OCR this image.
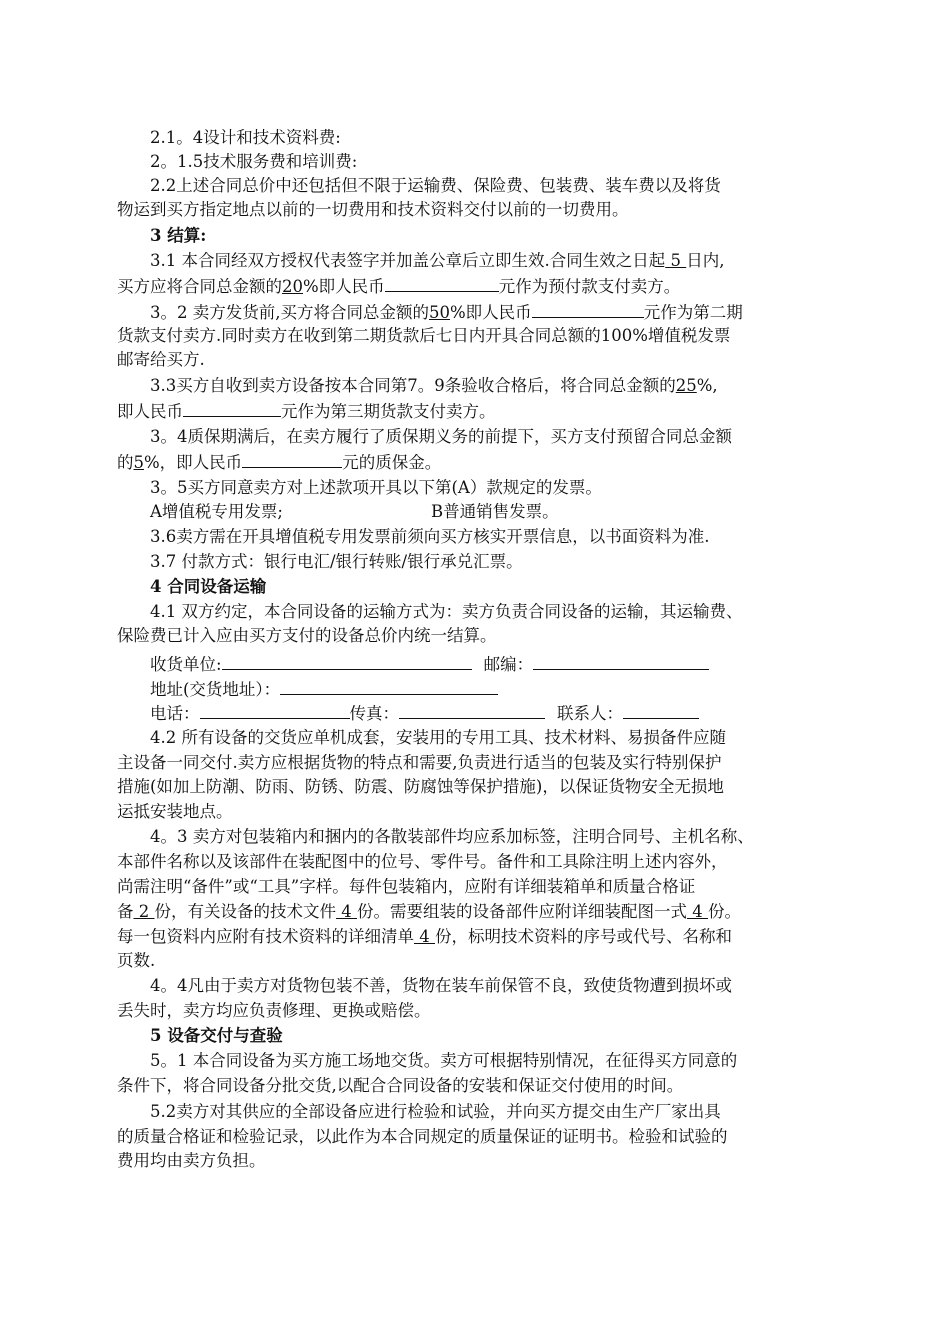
2.1。4设计和技术资料费:
2。1.5技术服务费和培训费:
2.2上述合同总价中还包括但不限于运输费、保险费、包装费、装车费以及将货
物运到买方指定地点以前的一切费用和技术资料交付以前的一切费用。
3 结算:
3.1 本合同经双方授权代表签字并加盖公章后立即生效.合同生效之日起 5 日内,
买方应将合同总金额的20%即人民币	元作为预付款支付卖方。
3。2 卖方发货前,买方将合同总金额的50%即人民币	元作为第二期
货款支付卖方.同时卖方在收到第二期货款后七日内开具合同总额的100%增值税发票
邮寄给买方.
3.3买方自收到卖方设备按本合同第7。9条验收合格后，将合同总金额的25%,
即人民币	元作为第三期货款支付卖方。
3。4质保期满后，在卖方履行了质保期义务的前提下，买方支付预留合同总金额
的5%，即人民币	元的质保金。
3。5买方同意卖方对上述款项开具以下第(A）款规定的发票。
A增值税专用发票;	B普通销售发票。
3.6卖方需在开具增值税专用发票前须向买方核实开票信息，以书面资料为准.
3.7 付款方式：银行电汇/银行转账/银行承兑汇票。
4 合同设备运输
4.1 双方约定，本合同设备的运输方式为：卖方负责合同设备的运输，其运输费、
保险费已计入应由买方支付的设备总价内统一结算。
收货单位:	邮编：
地址(交货地址）：
电话：	传真：	联系人：
4.2 所有设备的交货应单机成套，安装用的专用工具、技术材料、易损备件应随
主设备一同交付.卖方应根据货物的特点和需要,负责进行适当的包装及实行特别保护
措施(如加上防潮、防雨、防锈、防震、防腐蚀等保护措施)，以保证货物安全无损地
运抵安装地点。
4。3 卖方对包装箱内和捆内的各散装部件均应系加标签，注明合同号、主机名称、
本部件名称以及该部件在装配图中的位号、零件号。备件和工具除注明上述内容外，
尚需注明“备件”或“工具”字样。每件包装箱内，应附有详细装箱单和质量合格证
备 2 份，有关设备的技术文件 4 份。需要组装的设备部件应附详细装配图一式 4 份。
每一包资料内应附有技术资料的详细清单 4 份，标明技术资料的序号或代号、名称和
页数.
4。4凡由于卖方对货物包装不善，货物在装车前保管不良，致使货物遭到损坏或
丢失时，卖方均应负责修理、更换或赔偿。
5 设备交付与查验
5。1 本合同设备为买方施工场地交货。卖方可根据特别情况，在征得买方同意的
条件下，将合同设备分批交货,以配合合同设备的安装和保证交付使用的时间。
5.2卖方对其供应的全部设备应进行检验和试验，并向买方提交由生产厂家出具
的质量合格证和检验记录，以此作为本合同规定的质量保证的证明书。检验和试验的
费用均由卖方负担。
